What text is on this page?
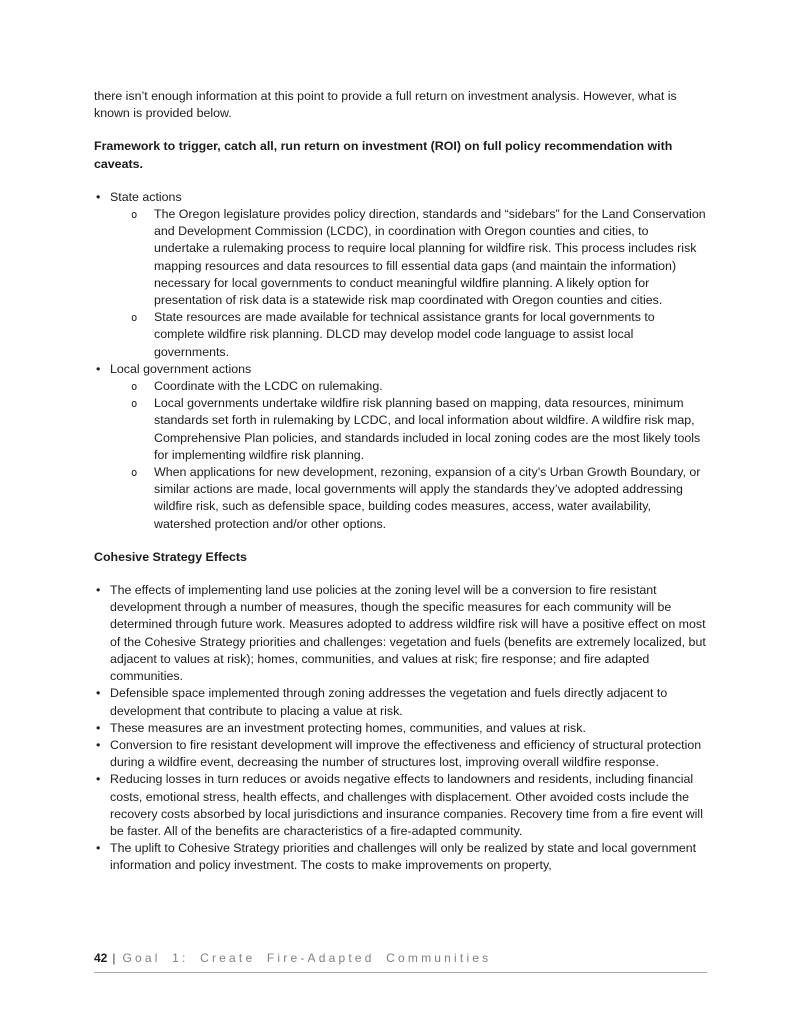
there isn’t enough information at this point to provide a full return on investment analysis. However, what is known is provided below.

Framework to trigger, catch all, run return on investment (ROI) on full policy recommendation with caveats.

• State actions
o The Oregon legislature provides policy direction, standards and “sidebars” for the Land Conservation and Development Commission (LCDC), in coordination with Oregon counties and cities, to undertake a rulemaking process to require local planning for wildfire risk. This process includes risk mapping resources and data resources to fill essential data gaps (and maintain the information) necessary for local governments to conduct meaningful wildfire planning. A likely option for presentation of risk data is a statewide risk map coordinated with Oregon counties and cities.
o State resources are made available for technical assistance grants for local governments to complete wildfire risk planning. DLCD may develop model code language to assist local governments.
• Local government actions
o Coordinate with the LCDC on rulemaking.
o Local governments undertake wildfire risk planning based on mapping, data resources, minimum standards set forth in rulemaking by LCDC, and local information about wildfire. A wildfire risk map, Comprehensive Plan policies, and standards included in local zoning codes are the most likely tools for implementing wildfire risk planning.
o When applications for new development, rezoning, expansion of a city’s Urban Growth Boundary, or similar actions are made, local governments will apply the standards they’ve adopted addressing wildfire risk, such as defensible space, building codes measures, access, water availability, watershed protection and/or other options.

Cohesive Strategy Effects

• The effects of implementing land use policies at the zoning level will be a conversion to fire resistant development through a number of measures, though the specific measures for each community will be determined through future work. Measures adopted to address wildfire risk will have a positive effect on most of the Cohesive Strategy priorities and challenges: vegetation and fuels (benefits are extremely localized, but adjacent to values at risk); homes, communities, and values at risk; fire response; and fire adapted communities.
• Defensible space implemented through zoning addresses the vegetation and fuels directly adjacent to development that contribute to placing a value at risk.
• These measures are an investment protecting homes, communities, and values at risk.
• Conversion to fire resistant development will improve the effectiveness and efficiency of structural protection during a wildfire event, decreasing the number of structures lost, improving overall wildfire response.
• Reducing losses in turn reduces or avoids negative effects to landowners and residents, including financial costs, emotional stress, health effects, and challenges with displacement. Other avoided costs include the recovery costs absorbed by local jurisdictions and insurance companies. Recovery time from a fire event will be faster. All of the benefits are characteristics of a fire-adapted community.
• The uplift to Cohesive Strategy priorities and challenges will only be realized by state and local government information and policy investment. The costs to make improvements on property,
42 | Goal 1: Create Fire-Adapted Communities
